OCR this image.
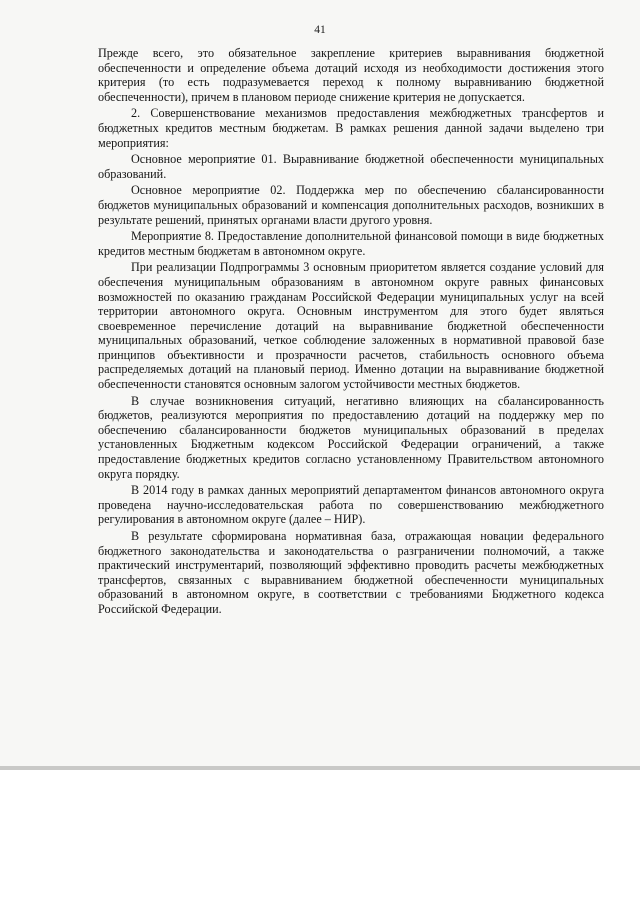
41

Прежде всего, это обязательное закрепление критериев выравнивания бюджетной обеспеченности и определение объема дотаций исходя из необходимости достижения этого критерия (то есть подразумевается переход к полному выравниванию бюджетной обеспеченности), причем в плановом периоде снижение критерия не допускается.

2. Совершенствование механизмов предоставления межбюджетных трансфертов и бюджетных кредитов местным бюджетам. В рамках решения данной задачи выделено три мероприятия:

Основное мероприятие 01. Выравнивание бюджетной обеспеченности муниципальных образований.

Основное мероприятие 02. Поддержка мер по обеспечению сбалансированности бюджетов муниципальных образований и компенсация дополнительных расходов, возникших в результате решений, принятых органами власти другого уровня.

Мероприятие 8. Предоставление дополнительной финансовой помощи в виде бюджетных кредитов местным бюджетам в автономном округе.

При реализации Подпрограммы 3 основным приоритетом является создание условий для обеспечения муниципальным образованиям в автономном округе равных финансовых возможностей по оказанию гражданам Российской Федерации муниципальных услуг на всей территории автономного округа. Основным инструментом для этого будет являться своевременное перечисление дотаций на выравнивание бюджетной обеспеченности муниципальных образований, четкое соблюдение заложенных в нормативной правовой базе принципов объективности и прозрачности расчетов, стабильность основного объема распределяемых дотаций на плановый период. Именно дотации на выравнивание бюджетной обеспеченности становятся основным залогом устойчивости местных бюджетов.

В случае возникновения ситуаций, негативно влияющих на сбалансированность бюджетов, реализуются мероприятия по предоставлению дотаций на поддержку мер по обеспечению сбалансированности бюджетов муниципальных образований в пределах установленных Бюджетным кодексом Российской Федерации ограничений, а также предоставление бюджетных кредитов согласно установленному Правительством автономного округа порядку.

В 2014 году в рамках данных мероприятий департаментом финансов автономного округа проведена научно-исследовательская работа по совершенствованию межбюджетного регулирования в автономном округе (далее – НИР).

В результате сформирована нормативная база, отражающая новации федерального бюджетного законодательства и законодательства о разграничении полномочий, а также практический инструментарий, позволяющий эффективно проводить расчеты межбюджетных трансфертов, связанных с выравниванием бюджетной обеспеченности муниципальных образований в автономном округе, в соответствии с требованиями Бюджетного кодекса Российской Федерации.
